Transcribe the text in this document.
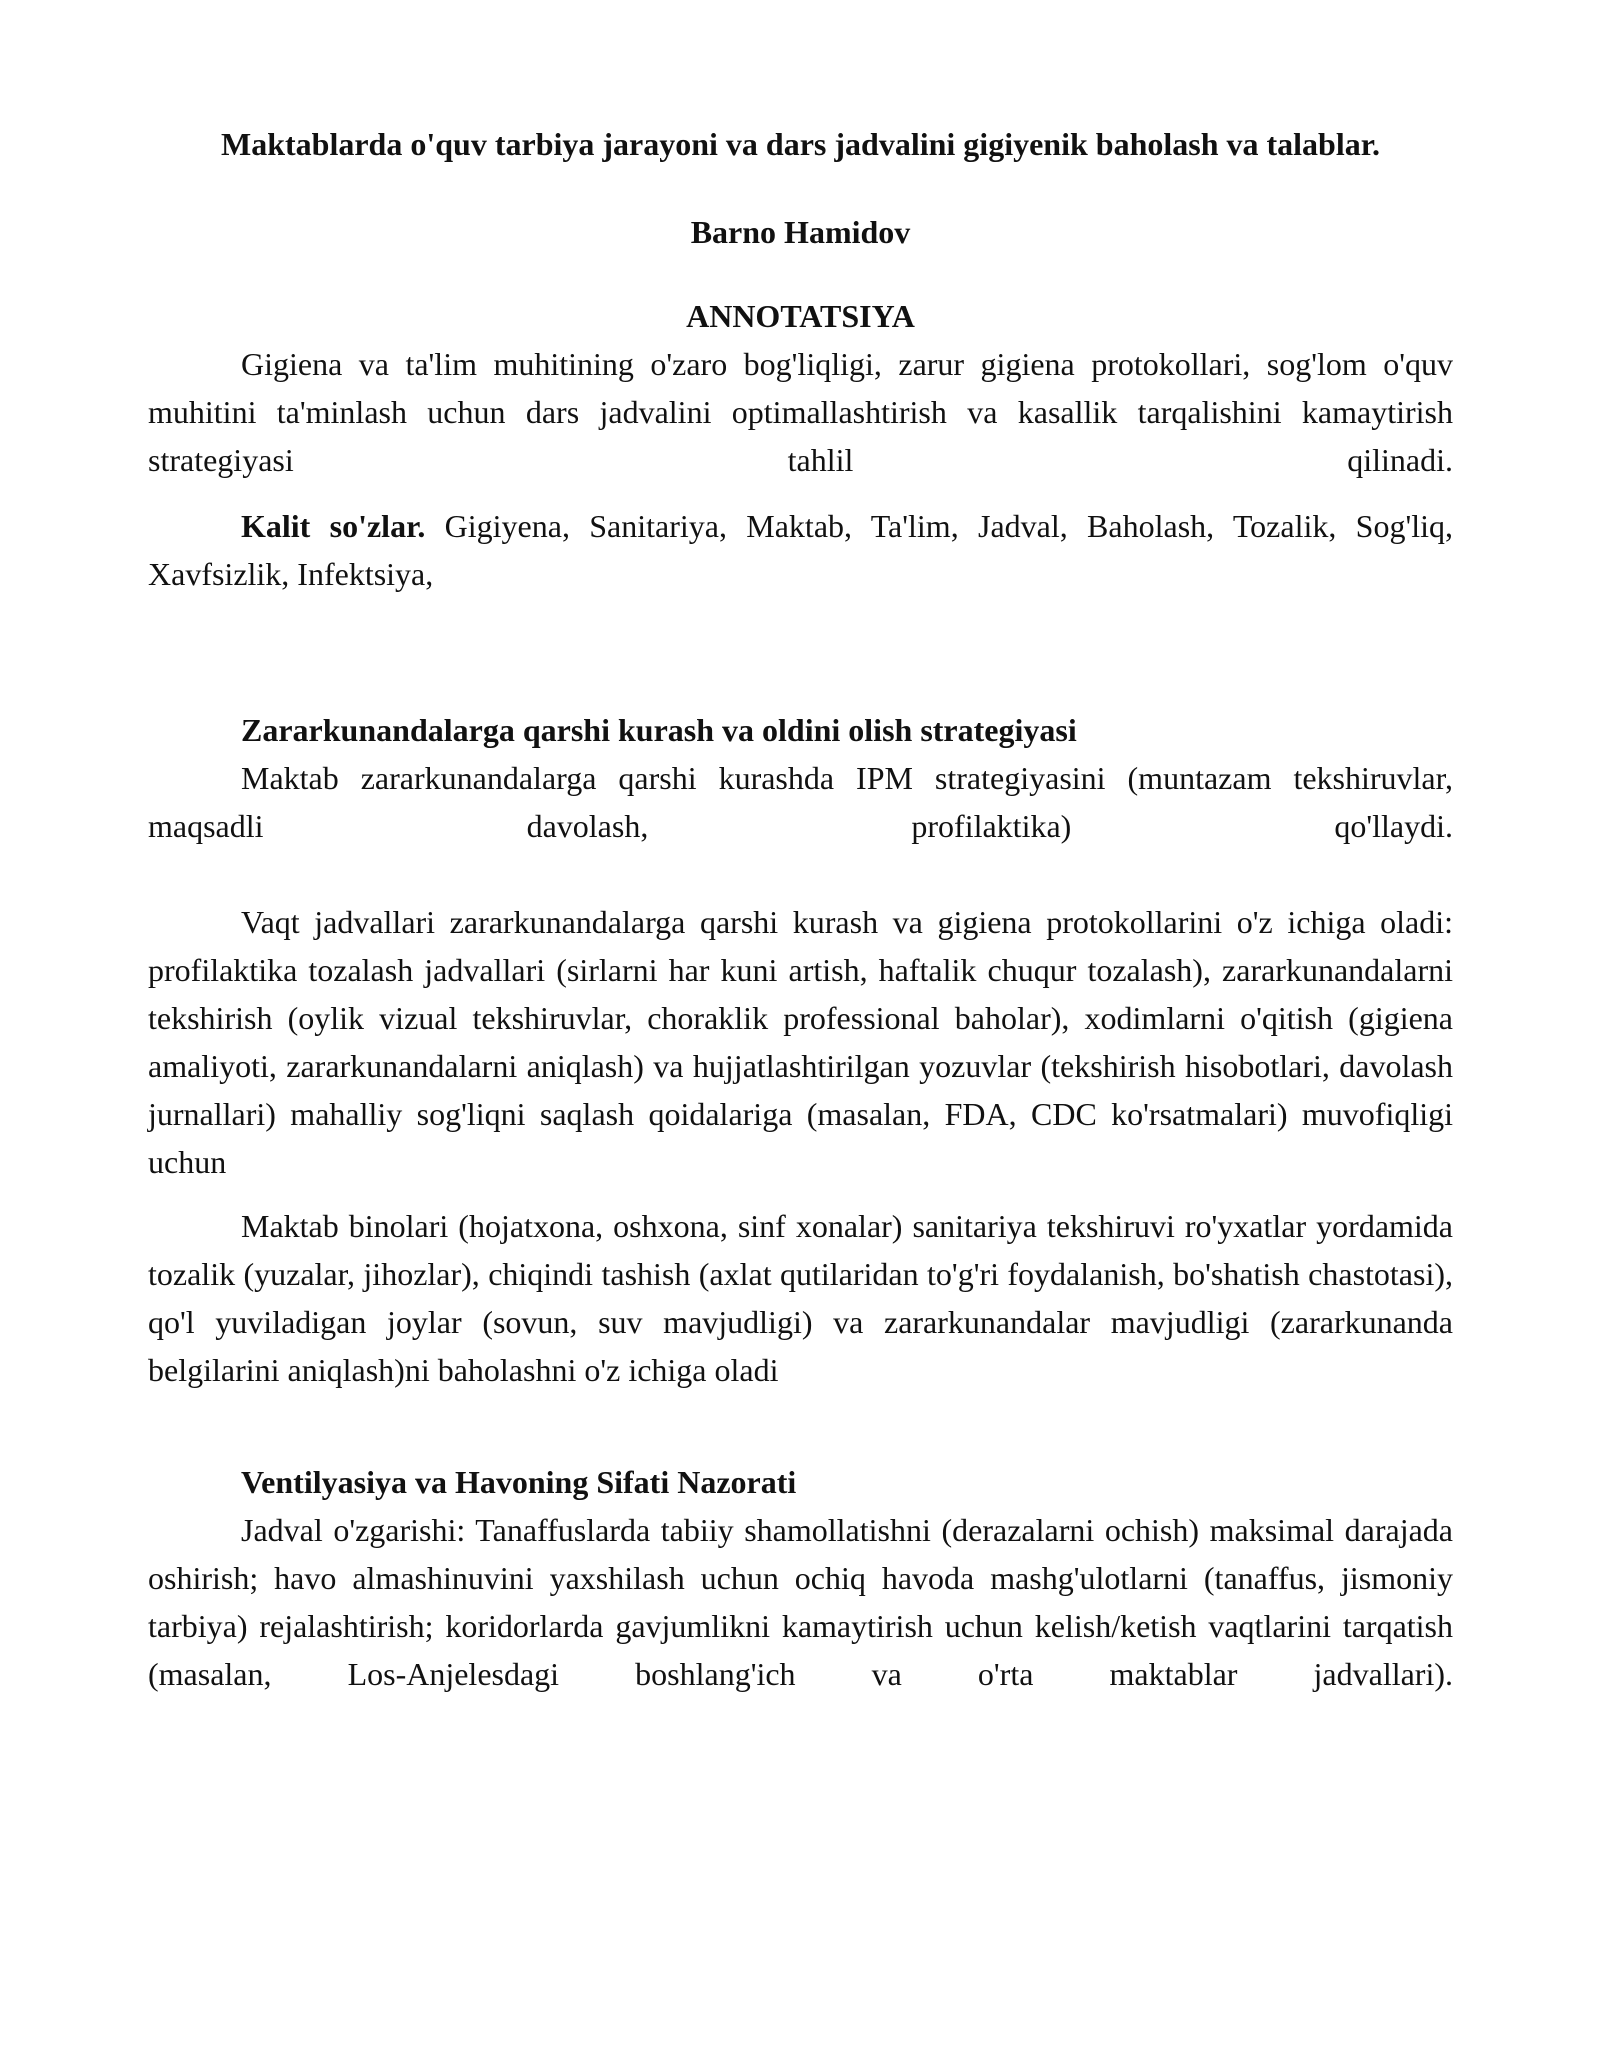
Maktablarda o'quv tarbiya jarayoni va dars jadvalini gigiyenik baholash va talablar.
Barno Hamidov
ANNOTATSIYA

Gigiena va ta'lim muhitining o'zaro bog'liqligi, zarur gigiena protokollari, sog'lom o'quv muhitini ta'minlash uchun dars jadvalini optimallashtirish va kasallik tarqalishini kamaytirish strategiyasi tahlil qilinadi.

Kalit so'zlar. Gigiyena, Sanitariya, Maktab, Ta'lim, Jadval, Baholash, Tozalik, Sog'liq, Xavfsizlik, Infektsiya,

Zararkunandalarga qarshi kurash va oldini olish strategiyasi

Maktab zararkunandalarga qarshi kurashda IPM strategiyasini (muntazam tekshiruvlar, maqsadli davolash, profilaktika) qo'llaydi.

Vaqt jadvallari zararkunandalarga qarshi kurash va gigiena protokollarini o'z ichiga oladi: profilaktika tozalash jadvallari (sirlarni har kuni artish, haftalik chuqur tozalash), zararkunandalarni tekshirish (oylik vizual tekshiruvlar, choraklik professional baholar), xodimlarni o'qitish (gigiena amaliyoti, zararkunandalarni aniqlash) va hujjatlashtirilgan yozuvlar (tekshirish hisobotlari, davolash jurnallari) mahalliy sog'liqni saqlash qoidalariga (masalan, FDA, CDC ko'rsatmalari) muvofiqligi uchun

Maktab binolari (hojatxona, oshxona, sinf xonalar) sanitariya tekshiruvi ro'yxatlar yordamida tozalik (yuzalar, jihozlar), chiqindi tashish (axlat qutilaridan to'g'ri foydalanish, bo'shatish chastotasi), qo'l yuviladigan joylar (sovun, suv mavjudligi) va zararkunandalar mavjudligi (zararkunanda belgilarini aniqlash)ni baholashni o'z ichiga oladi

Ventilyasiya va Havoning Sifati Nazorati

Jadval o'zgarishi: Tanaffuslarda tabiiy shamollatishni (derazalarni ochish) maksimal darajada oshirish; havo almashinuvini yaxshilash uchun ochiq havoda mashg'ulotlarni (tanaffus, jismoniy tarbiya) rejalashtirish; koridorlarda gavjumlikni kamaytirish uchun kelish/ketish vaqtlarini tarqatish (masalan, Los-Anjelesdagi boshlang'ich va o'rta maktablar jadvallari).
